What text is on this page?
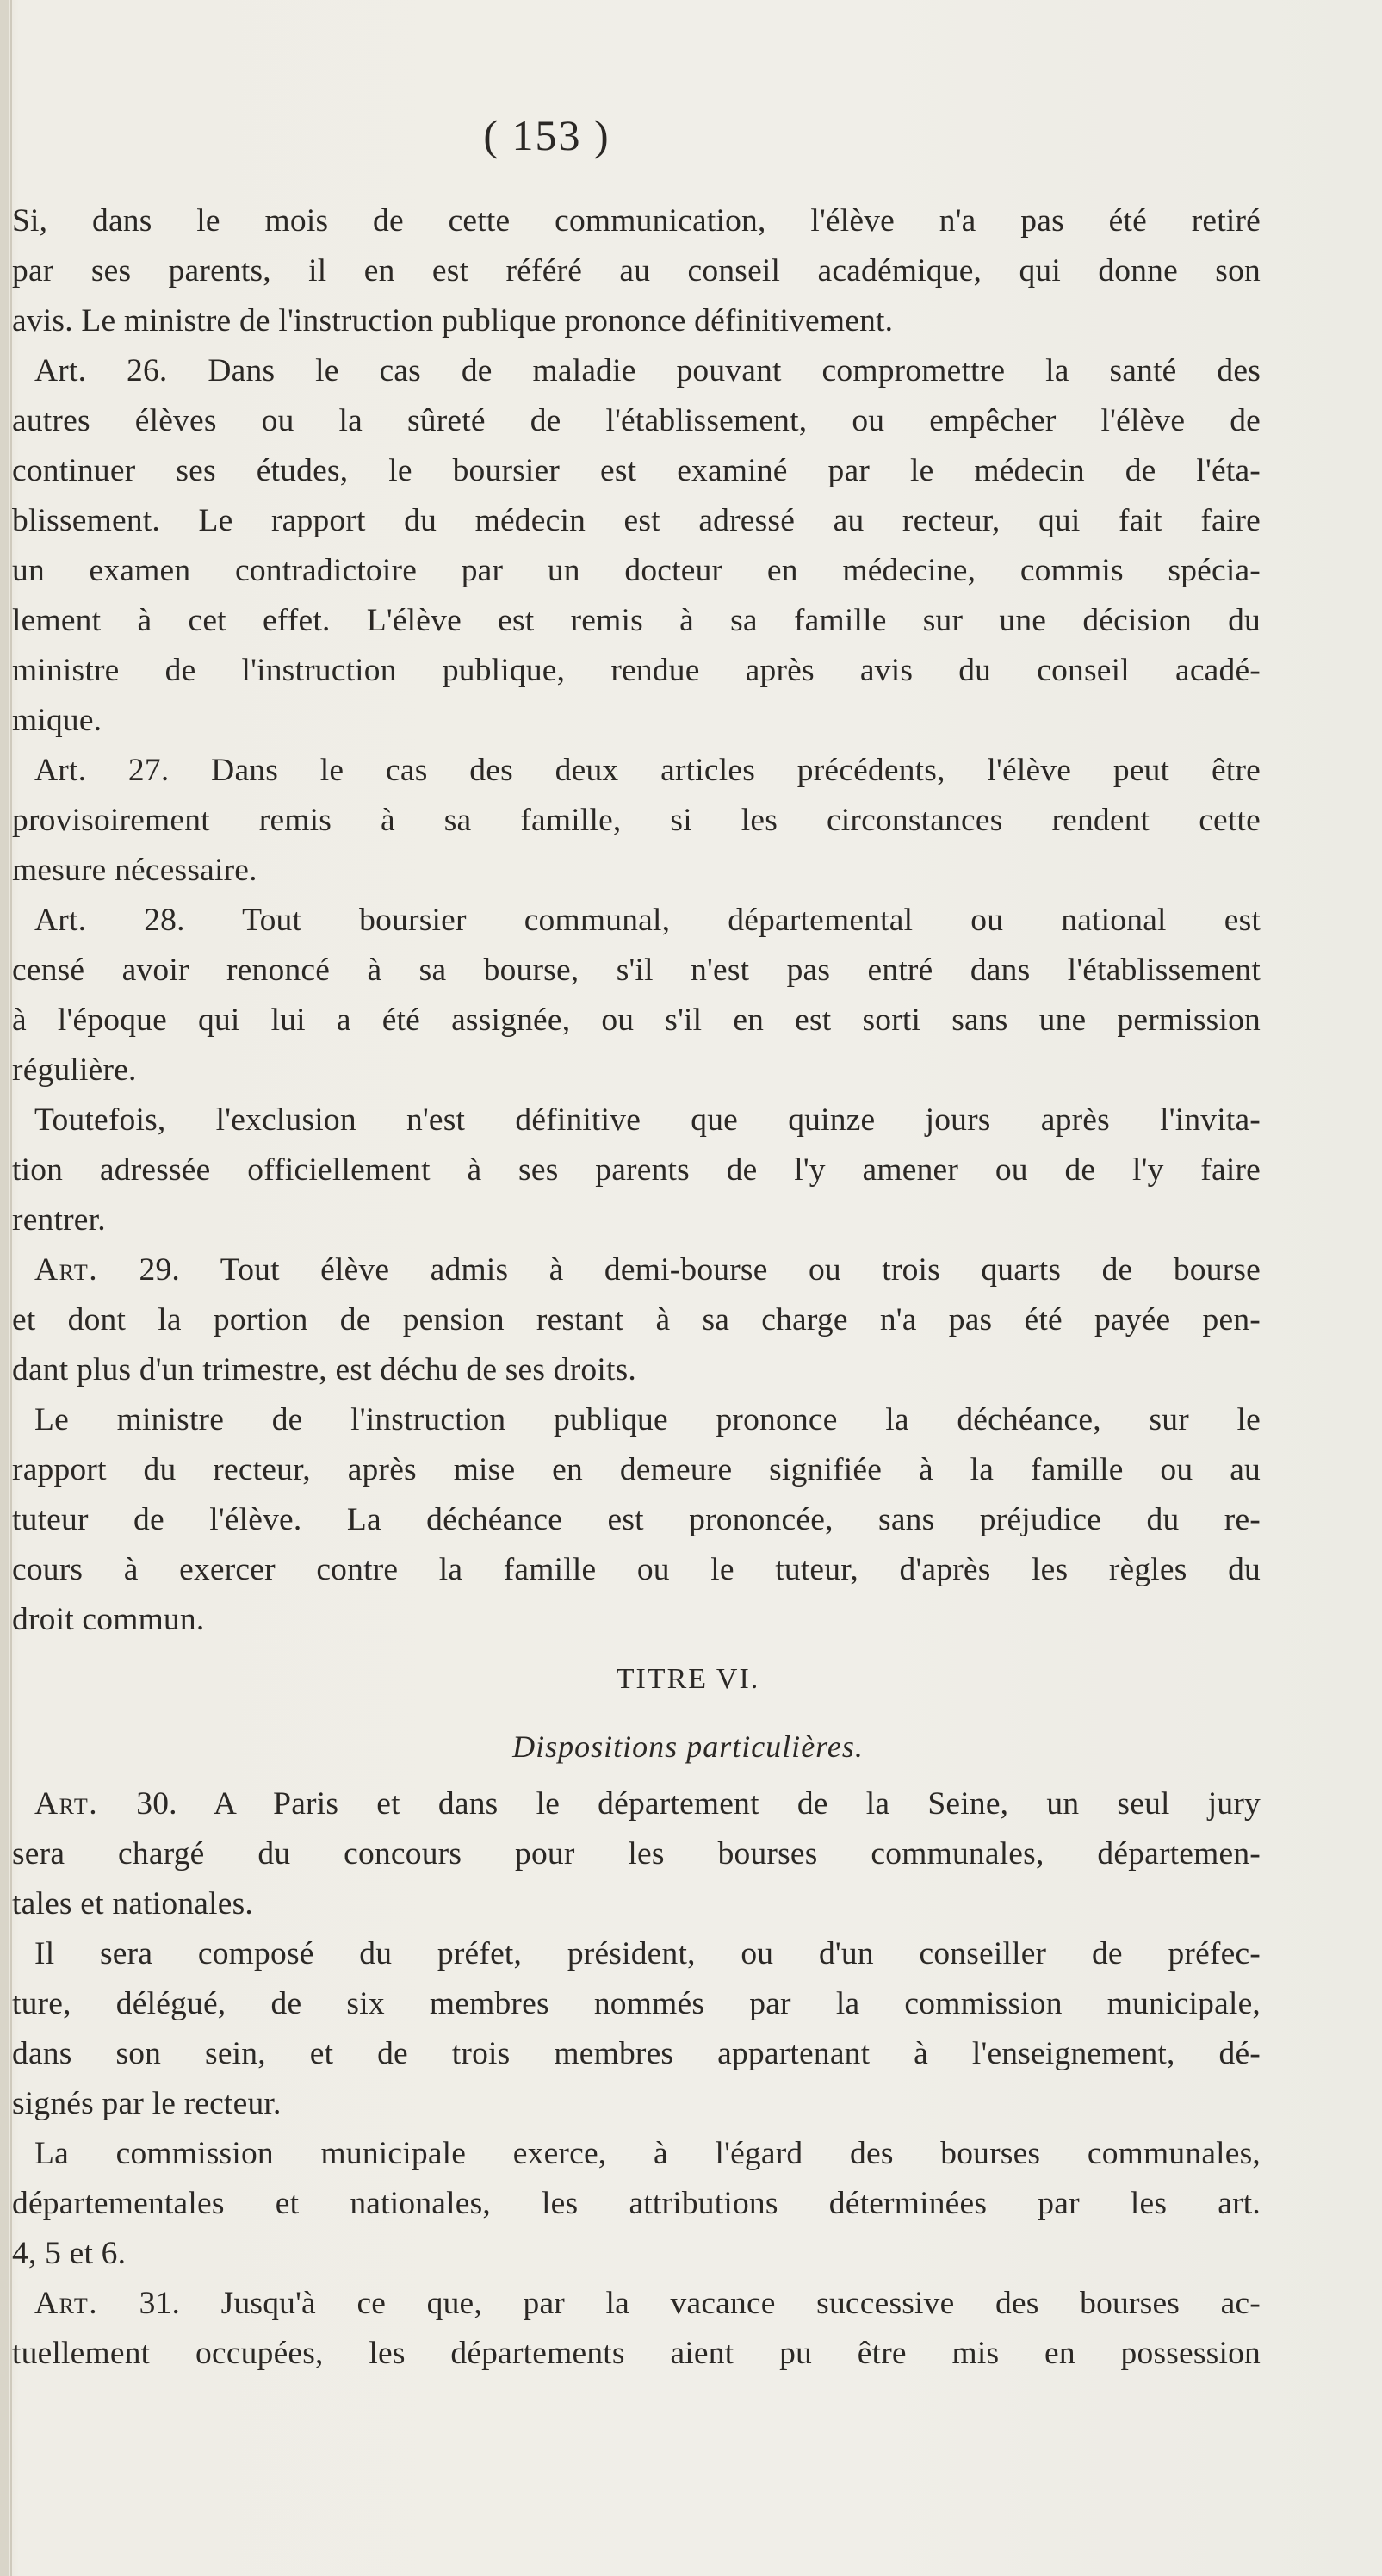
( 153 )
Si, dans le mois de cette communication, l'élève n'a pas été retiré
par ses parents, il en est référé au conseil académique, qui donne son
avis. Le ministre de l'instruction publique prononce définitivement.
Art. 26. Dans le cas de maladie pouvant compromettre la santé des
autres élèves ou la sûreté de l'établissement, ou empêcher l'élève de
continuer ses études, le boursier est examiné par le médecin de l'éta-
blissement. Le rapport du médecin est adressé au recteur, qui fait faire
un examen contradictoire par un docteur en médecine, commis spécia-
lement à cet effet. L'élève est remis à sa famille sur une décision du
ministre de l'instruction publique, rendue après avis du conseil acadé-
mique.
Art. 27. Dans le cas des deux articles précédents, l'élève peut être
provisoirement remis à sa famille, si les circonstances rendent cette
mesure nécessaire.
Art. 28. Tout boursier communal, départemental ou national est
censé avoir renoncé à sa bourse, s'il n'est pas entré dans l'établissement
à l'époque qui lui a été assignée, ou s'il en est sorti sans une permission
régulière.
Toutefois, l'exclusion n'est définitive que quinze jours après l'invita-
tion adressée officiellement à ses parents de l'y amener ou de l'y faire
rentrer.
Art. 29. Tout élève admis à demi-bourse ou trois quarts de bourse
et dont la portion de pension restant à sa charge n'a pas été payée pen-
dant plus d'un trimestre, est déchu de ses droits.
Le ministre de l'instruction publique prononce la déchéance, sur le
rapport du recteur, après mise en demeure signifiée à la famille ou au
tuteur de l'élève. La déchéance est prononcée, sans préjudice du re-
cours à exercer contre la famille ou le tuteur, d'après les règles du
droit commun.
TITRE VI.
Dispositions particulières.
Art. 30. A Paris et dans le département de la Seine, un seul jury
sera chargé du concours pour les bourses communales, départemen-
tales et nationales.
Il sera composé du préfet, président, ou d'un conseiller de préfec-
ture, délégué, de six membres nommés par la commission municipale,
dans son sein, et de trois membres appartenant à l'enseignement, dé-
signés par le recteur.
La commission municipale exerce, à l'égard des bourses communales,
départementales et nationales, les attributions déterminées par les art.
4, 5 et 6.
Art. 31. Jusqu'à ce que, par la vacance successive des bourses ac-
tuellement occupées, les départements aient pu être mis en possession
